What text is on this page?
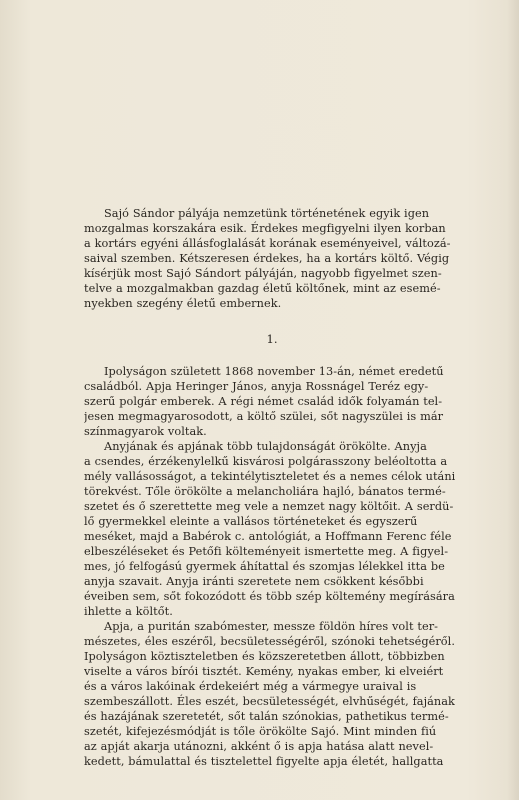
Sajó Sándor pályája nemzetünk történetének egyik igen
mozgalmas korszakára esik. Érdekes megfigyelni ilyen korban
a kortárs egyéni állásfoglalását korának eseményeivel, változá-
saival szemben. Kétszeresen érdekes, ha a kortárs költő. Végig
kísérjük most Sajó Sándort pályáján, nagyobb figyelmet szen-
telve a mozgalmakban gazdag életű költőnek, mint az esemé-
nyekben szegény életű embernek.

1.

Ipolyságon született 1868 november 13-án, német eredetű
családból. Apja Heringer János, anyja Rossnágel Teréz egy-
szerű polgár emberek. A régi német család idők folyamán tel-
jesen megmagyarosodott, a költő szülei, sőt nagyszülei is már
színmagyarok voltak.

Anyjának és apjának több tulajdonságát örökölte. Anyja
a csendes, érzékenylelkű kisvárosi polgárasszony beléoltotta a
mély vallásosságot, a tekintélytiszteletet és a nemes célok utáni
törekvést. Tőle örökölte a melancholiára hajló, bánatos termé-
szetet és ő szerettette meg vele a nemzet nagy költőit. A serdü-
lő gyermekkel eleinte a vallásos történeteket és egyszerű
meséket, majd a Babérok c. antológiát, a Hoffmann Ferenc féle
elbeszéléseket és Petőfi költeményeit ismertette meg. A figyel-
mes, jó felfogású gyermek áhítattal és szomjas lélekkel itta be
anyja szavait. Anyja iránti szeretete nem csökkent későbbi
éveiben sem, sőt fokozódott és több szép költemény megírására
ihlette a költőt.

Apja, a puritán szabómester, messze földön híres volt ter-
mészetes, éles eszéről, becsületességéről, szónoki tehetségéről.
Ipolyságon köztiszteletben és közszeretetben állott, többizben
viselte a város bírói tisztét. Kemény, nyakas ember, ki elveiért
és a város lakóinak érdekeiért még a vármegye uraival is
szembeszállott. Éles eszét, becsületességét, elvhűségét, fajának
és hazájának szeretetét, sőt talán szónokias, pathetikus termé-
szetét, kifejezésmódját is tőle örökölte Sajó. Mint minden fiú
az apját akarja utánozni, akként ő is apja hatása alatt nevel-
kedett, bámulattal és tisztelettel figyelte apja életét, hallgatta
